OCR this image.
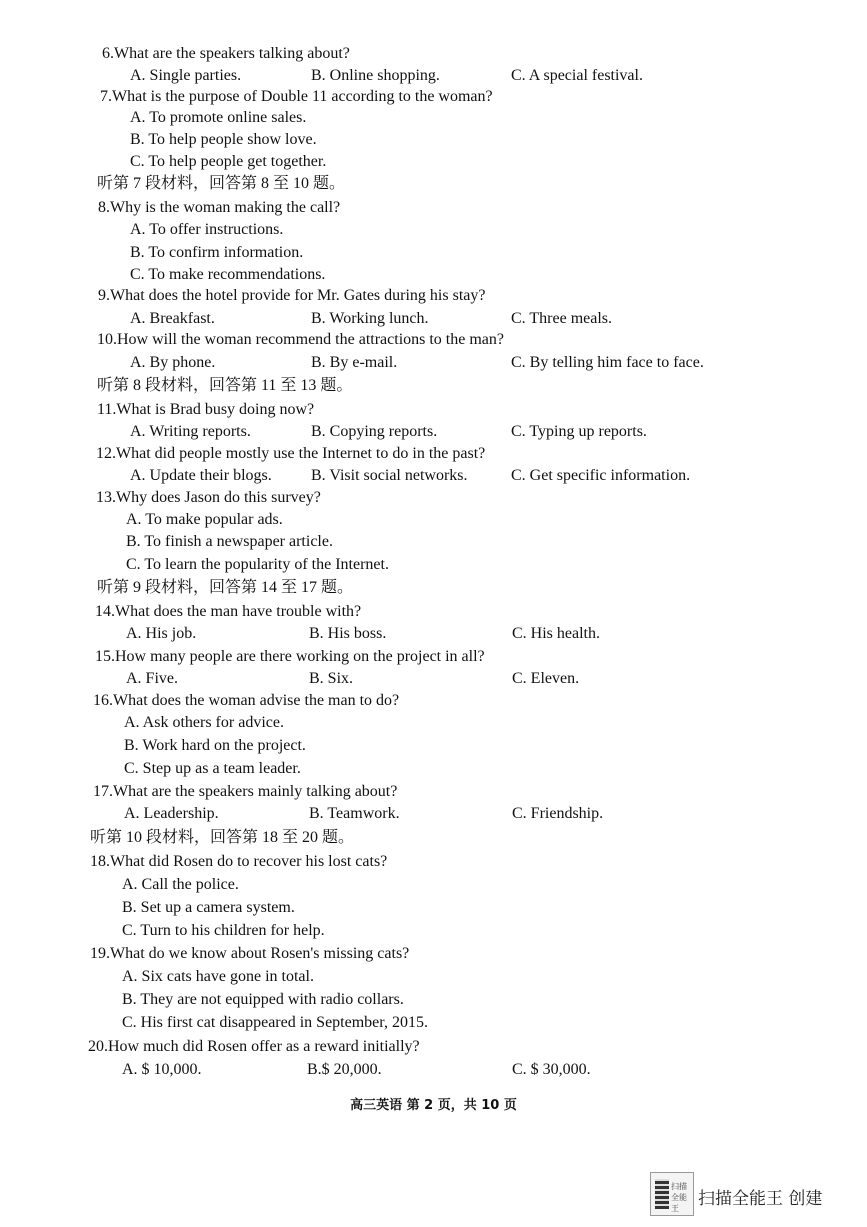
6.What are the speakers talking about?
A. Single parties.	B. Online shopping.	C. A special festival.
7.What is the purpose of Double 11 according to the woman?
A. To promote online sales.
B. To help people show love.
C. To help people get together.
听第 7 段材料，回答第 8 至 10 题。
8.Why is the woman making the call?
A. To offer instructions.
B. To confirm information.
C. To make recommendations.
9.What does the hotel provide for Mr. Gates during his stay?
A. Breakfast.	B. Working lunch.	C. Three meals.
10.How will the woman recommend the attractions to the man?
A. By phone.	B. By e-mail.	C. By telling him face to face.
听第 8 段材料，回答第 11 至 13 题。
11.What is Brad busy doing now?
A. Writing reports.	B. Copying reports.	C. Typing up reports.
12.What did people mostly use the Internet to do in the past?
A. Update their blogs. B. Visit social networks.	C. Get specific information.
13.Why does Jason do this survey?
A. To make popular ads.
B. To finish a newspaper article.
C. To learn the popularity of the Internet.
听第 9 段材料，回答第 14 至 17 题。
14.What does the man have trouble with?
A. His job.	B. His boss.	C. His health.
15.How many people are there working on the project in all?
A. Five.	B. Six.	C. Eleven.
16.What does the woman advise the man to do?
A. Ask others for advice.
B. Work hard on the project.
C. Step up as a team leader.
17.What are the speakers mainly talking about?
A. Leadership.	B. Teamwork.	C. Friendship.
听第 10 段材料，回答第 18 至 20 题。
18.What did Rosen do to recover his lost cats?
A. Call the police.
B. Set up a camera system.
C. Turn to his children for help.
19.What do we know about Rosen's missing cats?
A. Six cats have gone in total.
B. They are not equipped with radio collars.
C. His first cat disappeared in September, 2015.
20.How much did Rosen offer as a reward initially?
A. $ 10,000.	B.$ 20,000.	C. $ 30,000.
高三英语 第 2 页，共 10 页
扫描全能王	扫描全能王 创建
